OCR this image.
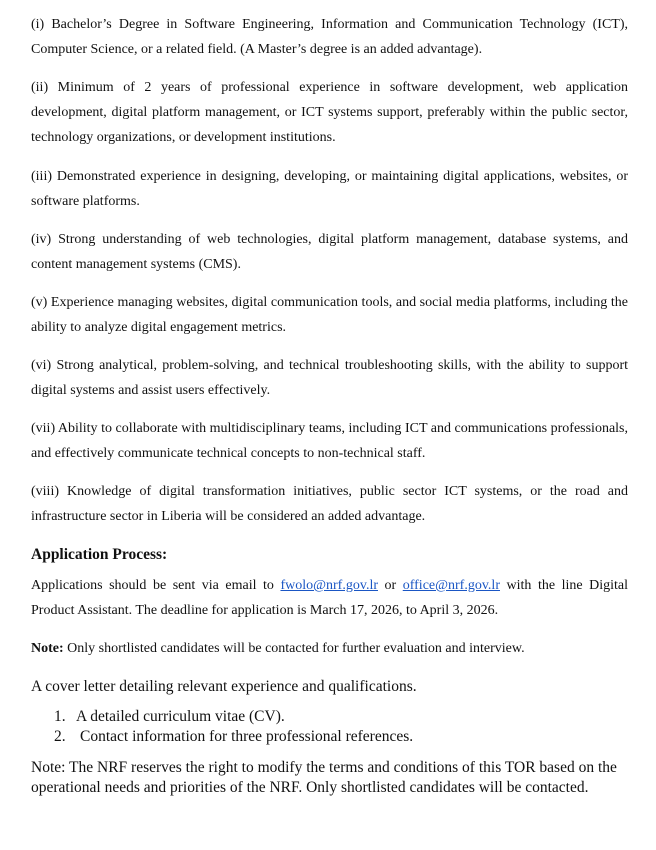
(i) Bachelor’s Degree in Software Engineering, Information and Communication Technology (ICT), Computer Science, or a related field. (A Master’s degree is an added advantage).

(ii) Minimum of 2 years of professional experience in software development, web application development, digital platform management, or ICT systems support, preferably within the public sector, technology organizations, or development institutions.

(iii) Demonstrated experience in designing, developing, or maintaining digital applications, websites, or software platforms.

(iv) Strong understanding of web technologies, digital platform management, database systems, and content management systems (CMS).

(v) Experience managing websites, digital communication tools, and social media platforms, including the ability to analyze digital engagement metrics.

(vi) Strong analytical, problem-solving, and technical troubleshooting skills, with the ability to support digital systems and assist users effectively.

(vii) Ability to collaborate with multidisciplinary teams, including ICT and communications professionals, and effectively communicate technical concepts to non-technical staff.

(viii) Knowledge of digital transformation initiatives, public sector ICT systems, or the road and infrastructure sector in Liberia will be considered an added advantage.

Application Process:

Applications should be sent via email to fwolo@nrf.gov.lr or office@nrf.gov.lr with the line Digital Product Assistant. The deadline for application is March 17, 2026, to April 3, 2026.

Note: Only shortlisted candidates will be contacted for further evaluation and interview.

A cover letter detailing relevant experience and qualifications.

1. A detailed curriculum vitae (CV).
2. Contact information for three professional references.

Note: The NRF reserves the right to modify the terms and conditions of this TOR based on the operational needs and priorities of the NRF. Only shortlisted candidates will be contacted.
